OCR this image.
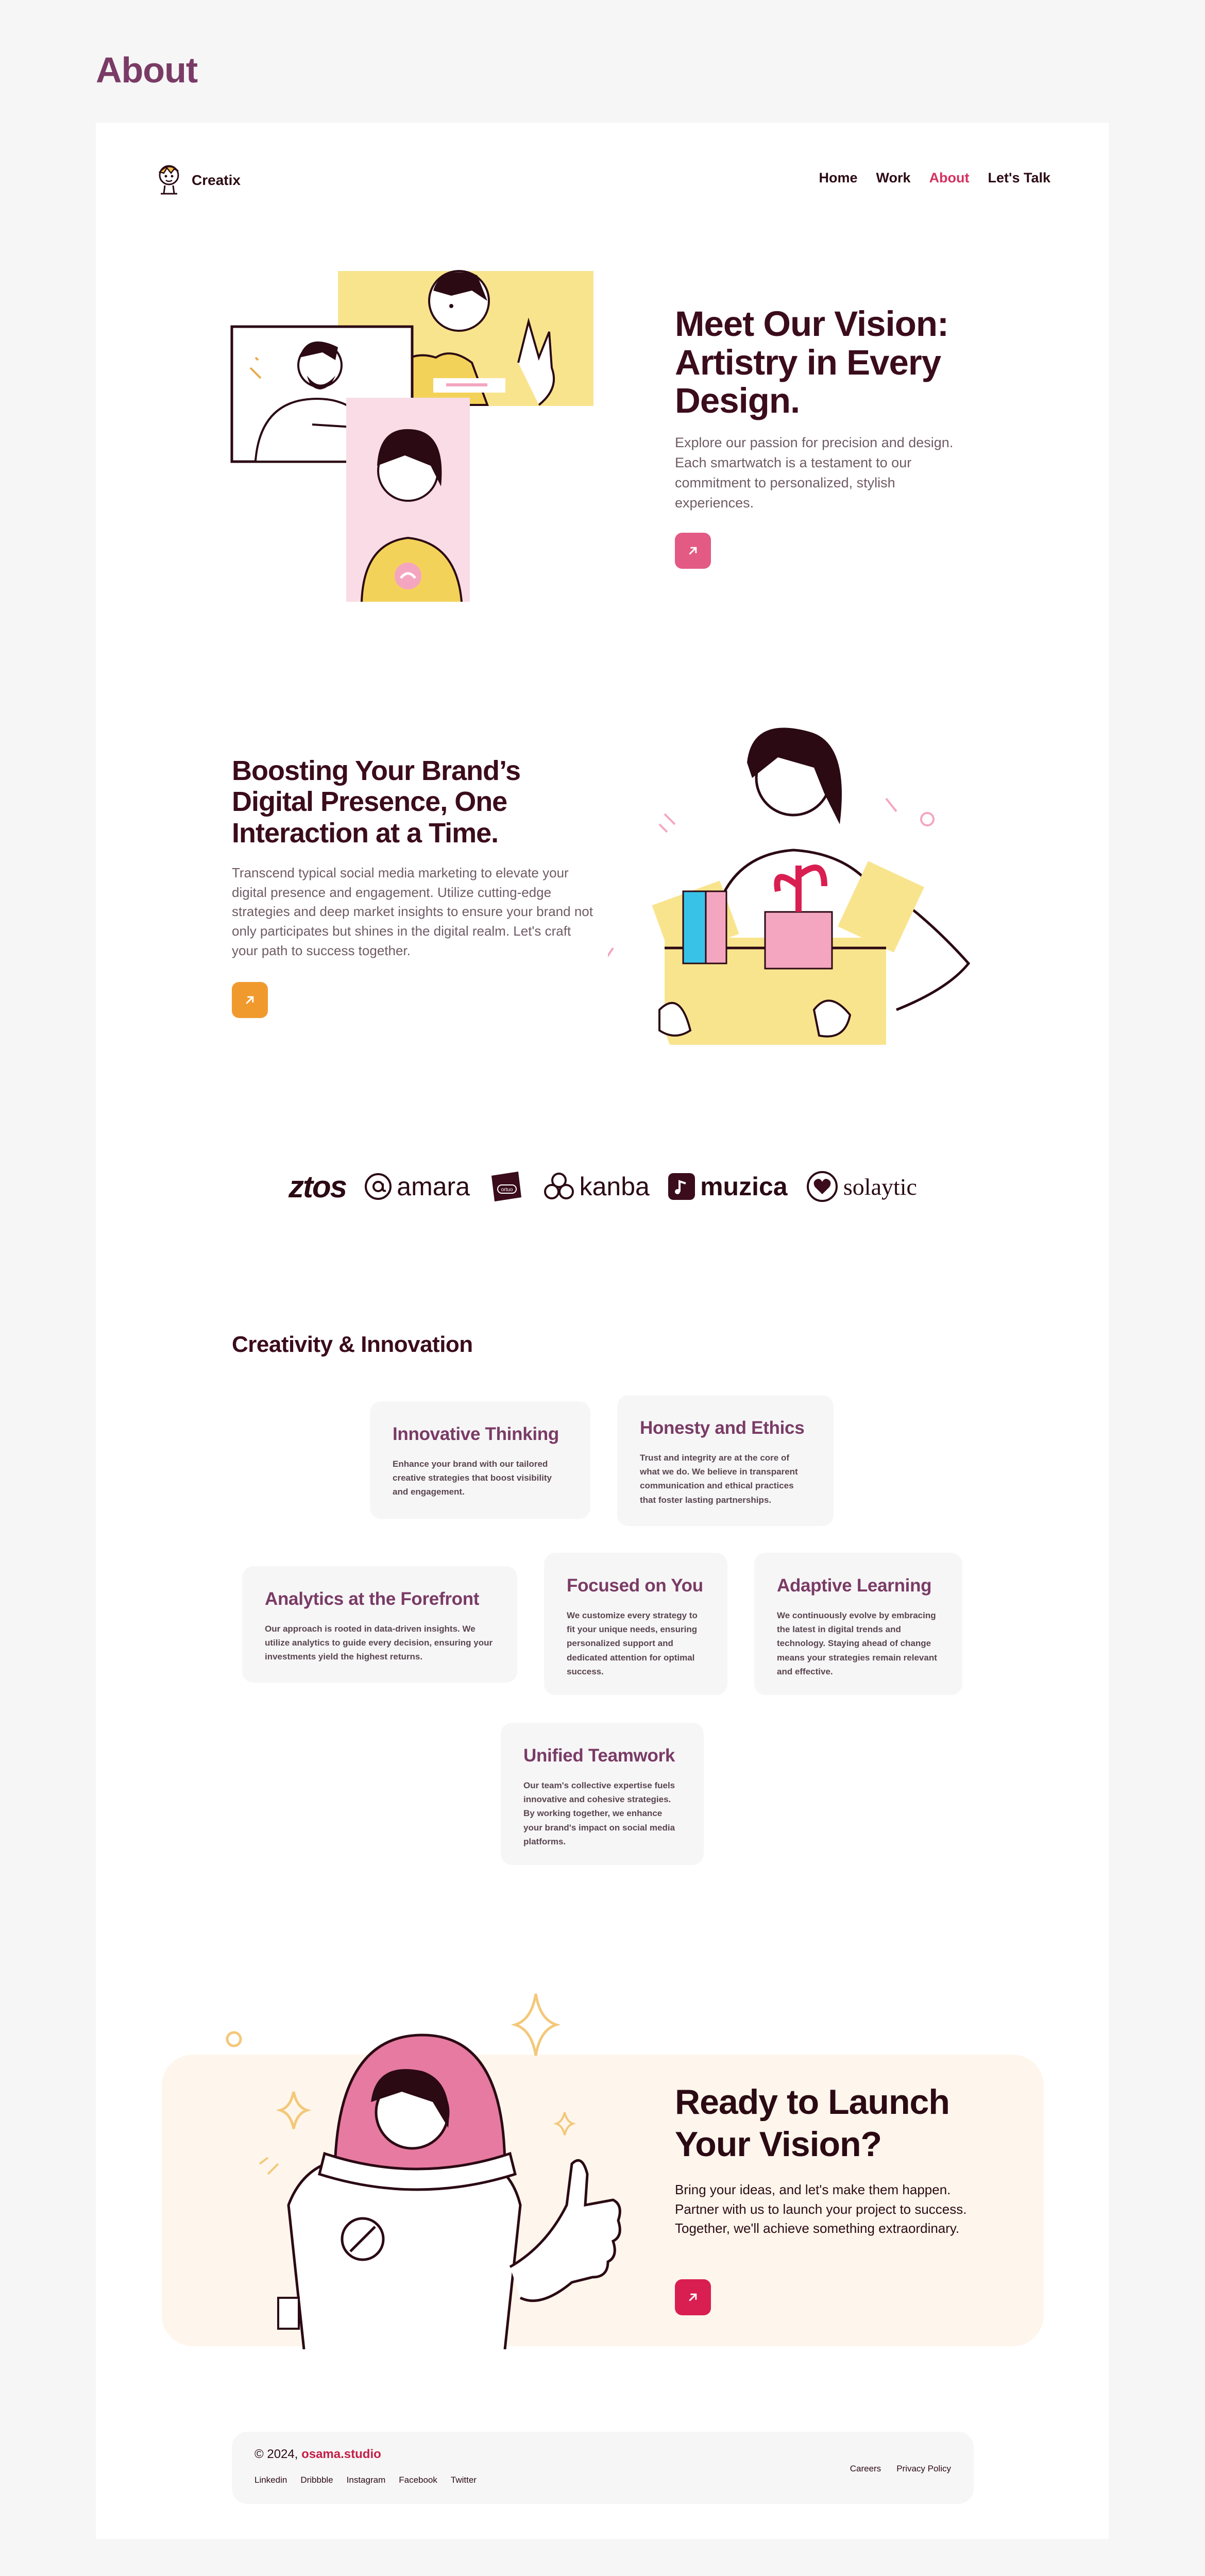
About
Creatix	Home Work About Let's Talk
Meet Our Vision: Artistry in Every Design.
Explore our passion for precision and design. Each smartwatch is a testament to our commitment to personalized, stylish experiences.
Boosting Your Brand’s Digital Presence, One Interaction at a Time.
Transcend typical social media marketing to elevate your digital presence and engagement. Utilize cutting-edge strategies and deep market insights to ensure your brand not only participates but shines in the digital realm. Let's craft your path to success together.
ztos amara	ortuo	kanba muzica solaytic
Creativity & Innovation
Innovative Thinking
Enhance your brand with our tailored creative strategies that boost visibility and engagement.
Honesty and Ethics
Trust and integrity are at the core of what we do. We believe in transparent communication and ethical practices that foster lasting partnerships.
Analytics at the Forefront
Our approach is rooted in data-driven insights. We utilize analytics to guide every decision, ensuring your investments yield the highest returns.
Focused on You
We customize every strategy to fit your unique needs, ensuring personalized support and dedicated attention for optimal success.
Adaptive Learning
We continuously evolve by embracing the latest in digital trends and technology. Staying ahead of change means your strategies remain relevant and effective.
Unified Teamwork
Our team's collective expertise fuels innovative and cohesive strategies. By working together, we enhance your brand's impact on social media platforms.
Ready to Launch Your Vision?
Bring your ideas, and let's make them happen. Partner with us to launch your project to success. Together, we'll achieve something extraordinary.
© 2024, osama.studio
Linkedin Dribbble Instagram Facebook Twitter
Careers Privacy Policy
